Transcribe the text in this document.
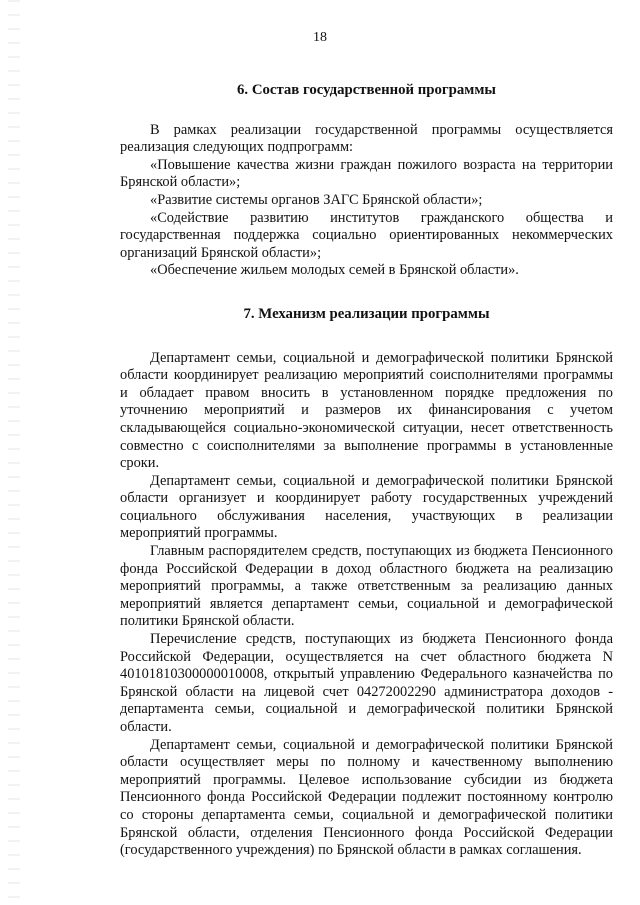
18
6. Состав государственной программы

В рамках реализации государственной программы осуществляется реализация следующих подпрограмм:

«Повышение качества жизни граждан пожилого возраста на территории Брянской области»;

«Развитие системы органов ЗАГС Брянской области»;

«Содействие развитию институтов гражданского общества и государственная поддержка социально ориентированных некоммерческих организаций Брянской области»;

«Обеспечение жильем молодых семей в Брянской области».

7. Механизм реализации программы

Департамент семьи, социальной и демографической политики Брянской области координирует реализацию мероприятий соисполнителями программы и обладает правом вносить в установленном порядке предложения по уточнению мероприятий и размеров их финансирования с учетом складывающейся социально-экономической ситуации, несет ответственность совместно с соисполнителями за выполнение программы в установленные сроки.

Департамент семьи, социальной и демографической политики Брянской области организует и координирует работу государственных учреждений социального обслуживания населения, участвующих в реализации мероприятий программы.

Главным распорядителем средств, поступающих из бюджета Пенсионного фонда Российской Федерации в доход областного бюджета на реализацию мероприятий программы, а также ответственным за реализацию данных мероприятий является департамент семьи, социальной и демографической политики Брянской области.

Перечисление средств, поступающих из бюджета Пенсионного фонда Российской Федерации, осуществляется на счет областного бюджета N 40101810300000010008, открытый управлению Федерального казначейства по Брянской области на лицевой счет 04272002290 администратора доходов - департамента семьи, социальной и демографической политики Брянской области.

Департамент семьи, социальной и демографической политики Брянской области осуществляет меры по полному и качественному выполнению мероприятий программы. Целевое использование субсидии из бюджета Пенсионного фонда Российской Федерации подлежит постоянному контролю со стороны департамента семьи, социальной и демографической политики Брянской области, отделения Пенсионного фонда Российской Федерации (государственного учреждения) по Брянской области в рамках соглашения.
